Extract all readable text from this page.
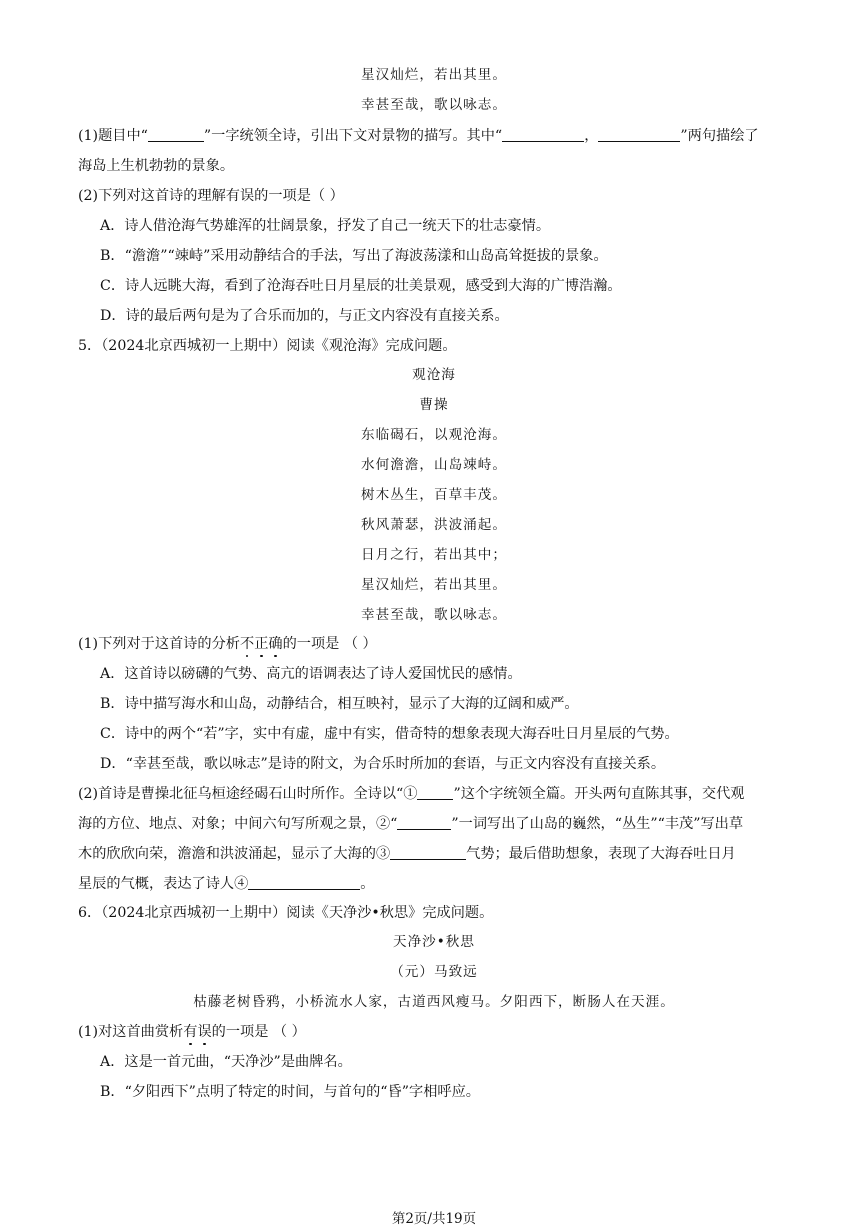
星汉灿烂，若出其里。
幸甚至哉，歌以咏志。
(1)题目中“	”一字统领全诗，引出下文对景物的描写。其中“	，	”两句描绘了
海岛上生机勃勃的景象。
(2)下列对这首诗的理解有误的一项是（ ）
A．诗人借沧海气势雄浑的壮阔景象，抒发了自己一统天下的壮志豪情。
B．“澹澹”“竦峙”采用动静结合的手法，写出了海波荡漾和山岛高耸挺拔的景象。
C．诗人远眺大海，看到了沧海吞吐日月星辰的壮美景观，感受到大海的广博浩瀚。
D．诗的最后两句是为了合乐而加的，与正文内容没有直接关系。
5．（2024北京西城初一上期中）阅读《观沧海》完成问题。
观沧海
曹操
东临碣石，以观沧海。
水何澹澹，山岛竦峙。
树木丛生，百草丰茂。
秋风萧瑟，洪波涌起。
日月之行，若出其中；
星汉灿烂，若出其里。
幸甚至哉，歌以咏志。
(1)下列对于这首诗的分析不正确的一项是 （ ）
A．这首诗以磅礴的气势、高亢的语调表达了诗人爱国忧民的感情。
B．诗中描写海水和山岛，动静结合，相互映衬，显示了大海的辽阔和威严。
C．诗中的两个“若”字，实中有虚，虚中有实，借奇特的想象表现大海吞吐日月星辰的气势。
D．“幸甚至哉，歌以咏志”是诗的附文，为合乐时所加的套语，与正文内容没有直接关系。
(2)首诗是曹操北征乌桓途经碣石山时所作。全诗以“①	”这个字统领全篇。开头两句直陈其事，交代观
海的方位、地点、对象；中间六句写所观之景，②“	”一词写出了山岛的巍然，“丛生”“丰茂”写出草
木的欣欣向荣，澹澹和洪波涌起，显示了大海的③	气势；最后借助想象，表现了大海吞吐日月
星辰的气概，表达了诗人④	。
6．（2024北京西城初一上期中）阅读《天净沙•秋思》完成问题。
天净沙•秋思
（元）马致远
枯藤老树昏鸦，小桥流水人家，古道西风瘦马。夕阳西下，断肠人在天涯。
(1)对这首曲赏析有误的一项是 （ ）
A．这是一首元曲，“天净沙”是曲牌名。
B．“夕阳西下”点明了特定的时间，与首句的“昏”字相呼应。
第2页/共19页
